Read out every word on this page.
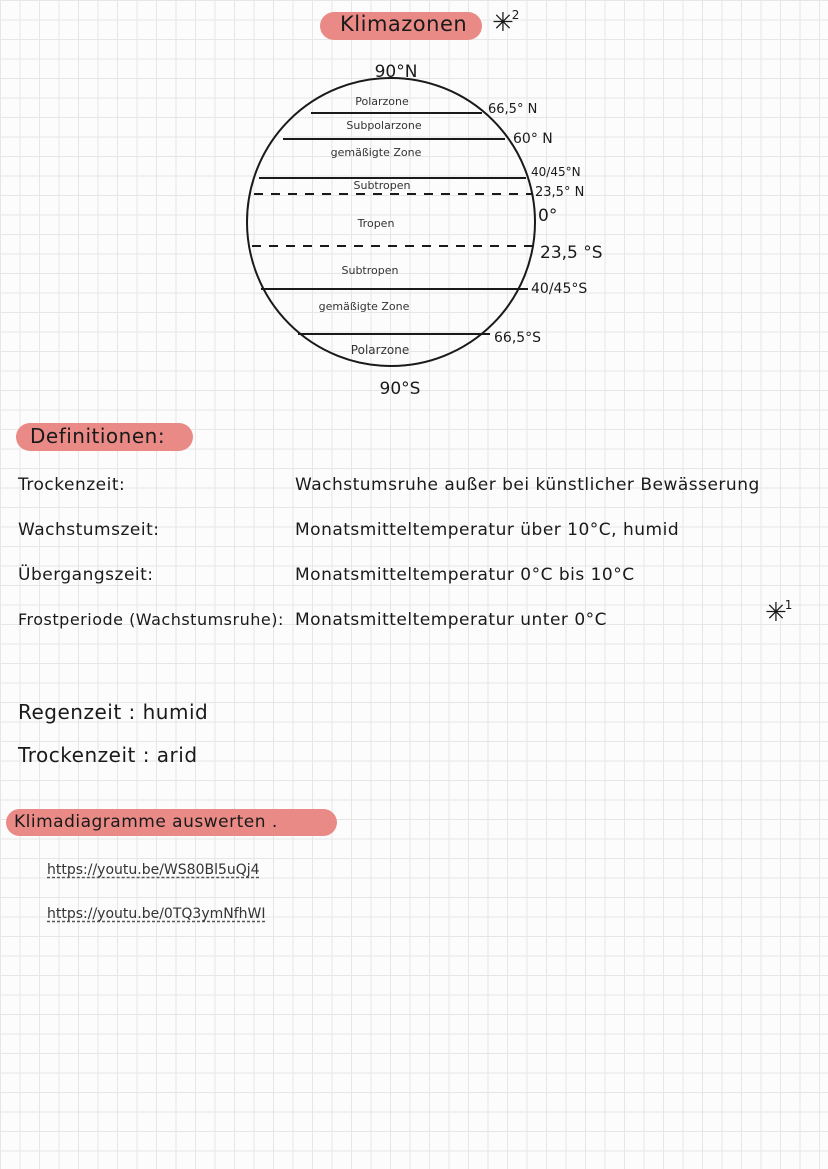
Klimazonen ✳$^2$
Polarzone
Subpolarzone
gemäßigte Zone
Subtropen
Tropen
Subtropen
gemäßigte Zone
Polarzone
90°N
90°S
66,5° N
60° N
40/45°N
23,5° N
0°
23,5 °S
40/45°S
66,5°S
Definitionen:
Trockenzeit:	Wachstumsruhe außer bei künstlicher Bewässerung
Wachstumszeit:	Monatsmitteltemperatur über 10°C, humid
Übergangszeit:	Monatsmitteltemperatur 0°C bis 10°C
Frostperiode (Wachstumsruhe): Monatsmitteltemperatur unter 0°C	✳$^1$
Regenzeit : humid
Trockenzeit : arid
Klimadiagramme auswerten .
https://youtu.be/WS80Bl5uQj4
https://youtu.be/0TQ3ymNfhWI
